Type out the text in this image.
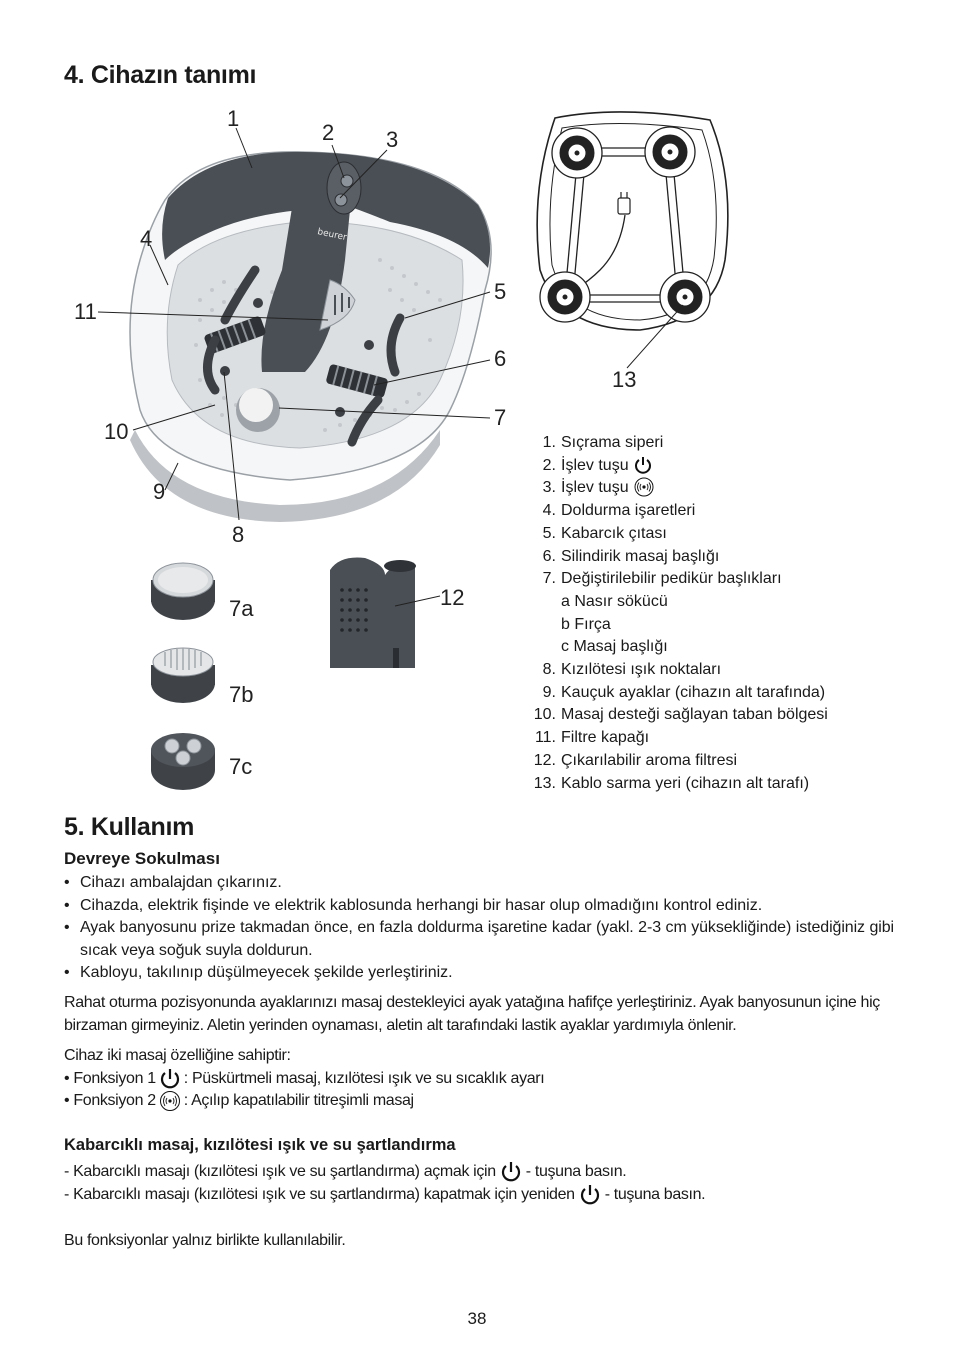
4. Cihazın tanımı
beurer
1
2 3
4
5
11
6
7
10
9
8
13
7a
7b
7c
12
1. Sıçrama siperi
2. İşlev tuşu
3. İşlev tuşu
4. Doldurma işaretleri
5. Kabarcık çıtası
6. Silindirik masaj başlığı
7. Değiştirilebilir pedikür başlıkları
a Nasır sökücü
b Fırça
c Masaj başlığı
8. Kızılötesi ışık noktaları
9. Kauçuk ayaklar (cihazın alt tarafında)
10. Masaj desteği sağlayan taban bölgesi
11. Filtre kapağı
12. Çıkarılabilir aroma filtresi
13. Kablo sarma yeri (cihazın alt tarafı)
5. Kullanım
Devreye Sokulması
• Cihazı ambalajdan çıkarınız.
• Cihazda, elektrik fişinde ve elektrik kablosunda herhangi bir hasar olup olmadığını kontrol ediniz.
• Ayak banyosunu prize takmadan önce, en fazla doldurma işaretine kadar (yakl. 2-3 cm yüksekliğinde) istediğiniz gibi sıcak veya soğuk suyla doldurun.
• Kabloyu, takılınıp düşülmeyecek şekilde yerleştiriniz.
Rahat oturma pozisyonunda ayaklarınızı masaj destekleyici ayak yatağına hafifçe yerleştiriniz. Ayak banyosunun içine hiç birzaman girmeyiniz. Aletin yerinden oynaması, aletin alt tarafındaki lastik ayaklar yardımıyla önlenir.
Cihaz iki masaj özelliğine sahiptir:
• Fonksiyon 1 : Püskürtmeli masaj, kızılötesi ışık ve su sıcaklık ayarı
• Fonksiyon 2 : Açılıp kapatılabilir titreşimli masaj
Kabarcıklı masaj, kızılötesi ışık ve su şartlandırma
- Kabarcıklı masajı (kızılötesi ışık ve su şartlandırma) açmak için - tuşuna basın.
- Kabarcıklı masajı (kızılötesi ışık ve su şartlandırma) kapatmak için yeniden - tuşuna basın.
Bu fonksiyonlar yalnız birlikte kullanılabilir.
38
